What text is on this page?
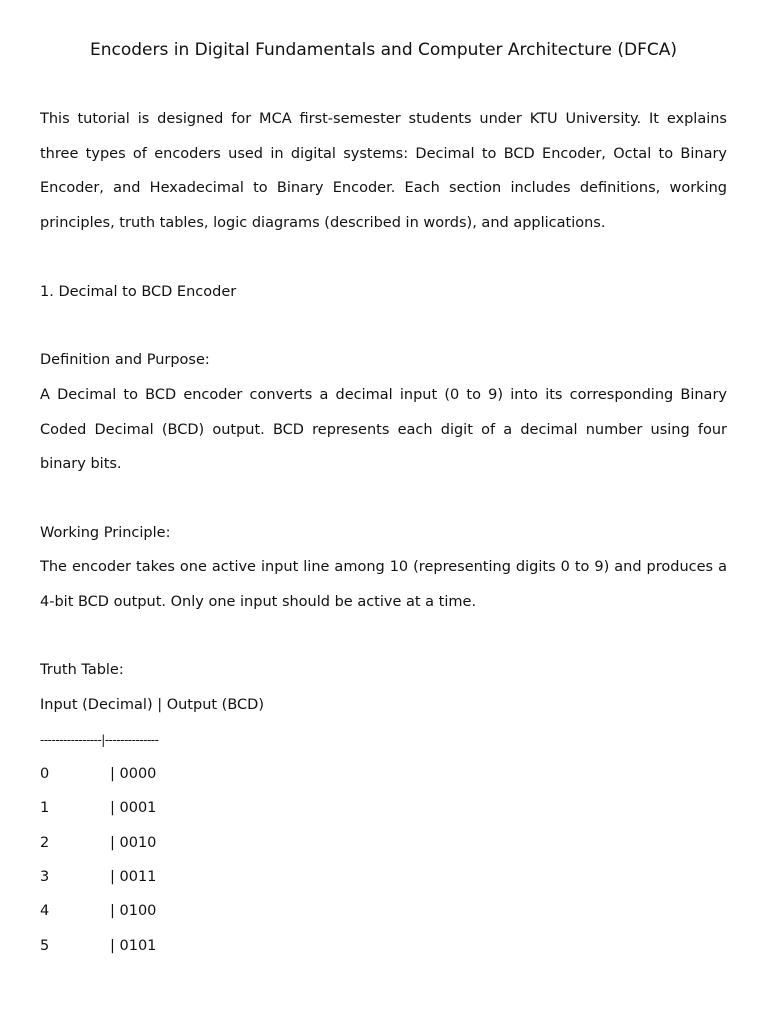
Encoders in Digital Fundamentals and Computer Architecture (DFCA)
This tutorial is designed for MCA first-semester students under KTU University. It explains three types of encoders used in digital systems: Decimal to BCD Encoder, Octal to Binary Encoder, and Hexadecimal to Binary Encoder. Each section includes definitions, working principles, truth tables, logic diagrams (described in words), and applications.
1. Decimal to BCD Encoder
Definition and Purpose:
A Decimal to BCD encoder converts a decimal input (0 to 9) into its corresponding Binary Coded Decimal (BCD) output. BCD represents each digit of a decimal number using four binary bits.
Working Principle:
The encoder takes one active input line among 10 (representing digits 0 to 9) and produces a 4-bit BCD output. Only one input should be active at a time.
Truth Table:
Input (Decimal) | Output (BCD)
----------------|--------------
0	| 0000
1	| 0001
2	| 0010
3	| 0011
4	| 0100
5	| 0101
